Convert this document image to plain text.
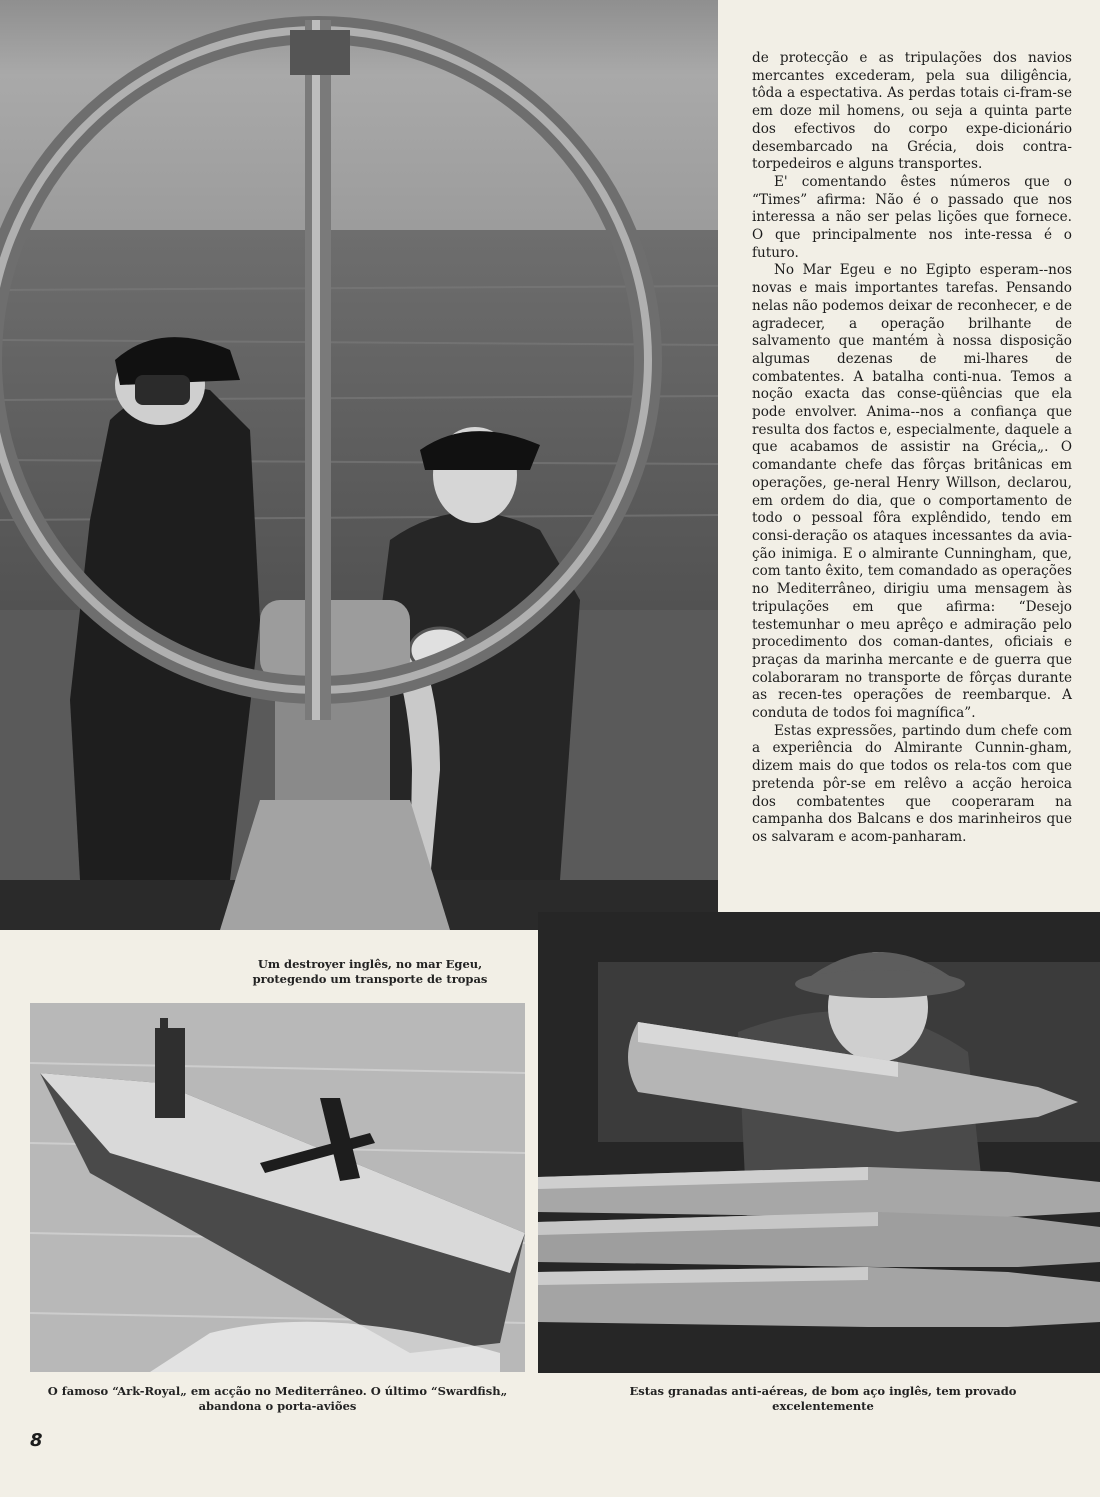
de protecção e as tripulações dos navios mercantes excederam, pela sua diligência, tôda a espectativa. As perdas totais ci-fram-se em doze mil homens, ou seja a quinta parte dos efectivos do corpo expe-dicionário desembarcado na Grécia, dois contra-torpedeiros e alguns transportes.

E' comentando êstes números que o “Times” afirma: Não é o passado que nos interessa a não ser pelas lições que fornece. O que principalmente nos inte-ressa é o futuro.

No Mar Egeu e no Egipto esperam--nos novas e mais importantes tarefas. Pensando nelas não podemos deixar de reconhecer, e de agradecer, a operação brilhante de salvamento que mantém à nossa disposição algumas dezenas de mi-lhares de combatentes. A batalha conti-nua. Temos a noção exacta das conse-qüências que ela pode envolver. Anima--nos a confiança que resulta dos factos e, especialmente, daquele a que acabamos de assistir na Grécia„. O comandante chefe das fôrças britânicas em operações, ge-neral Henry Willson, declarou, em ordem do dia, que o comportamento de todo o pessoal fôra explêndido, tendo em consi-deração os ataques incessantes da avia-ção inimiga. E o almirante Cunningham, que, com tanto êxito, tem comandado as operações no Mediterrâneo, dirigiu uma mensagem às tripulações em que afirma: “Desejo testemunhar o meu aprêço e admiração pelo procedimento dos coman-dantes, oficiais e praças da marinha mercante e de guerra que colaboraram no transporte de fôrças durante as recen-tes operações de reembarque. A conduta de todos foi magnífica”.

Estas expressões, partindo dum chefe com a experiência do Almirante Cunnin-gham, dizem mais do que todos os rela-tos com que pretenda pôr-se em relêvo a acção heroica dos combatentes que cooperaram na campanha dos Balcans e dos marinheiros que os salvaram e acom-panharam.

Um destroyer inglês, no mar Egeu, protegendo um transporte de tropas
O famoso “Ark-Royal„ em acção no Mediterrâneo. O último “Swardfish„ abandona o porta-aviões
Estas granadas anti-aéreas, de bom aço inglês, tem provado excelentemente
8
